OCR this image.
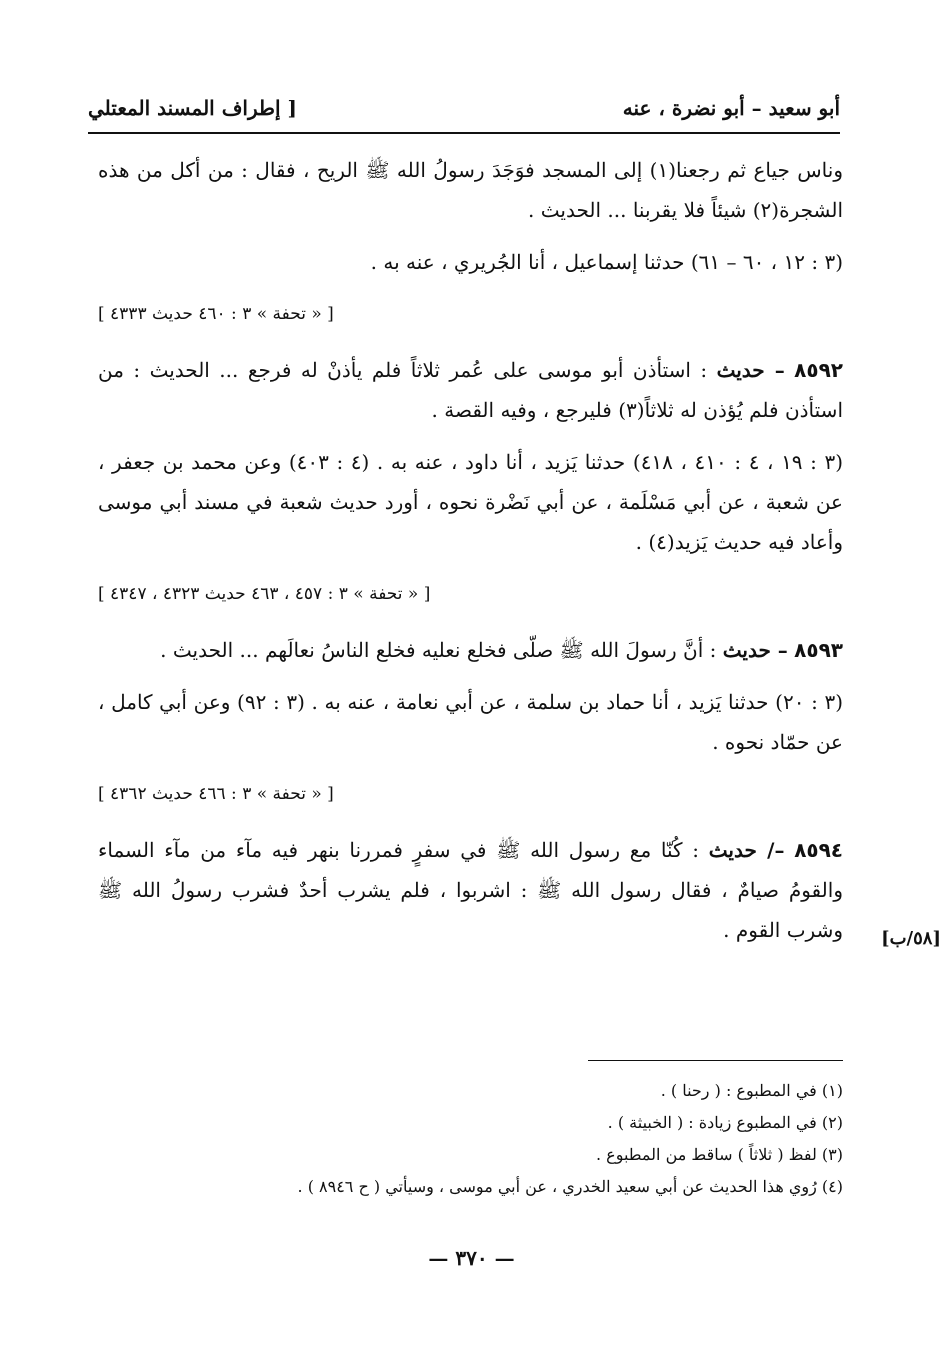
أبو سعيد – أبو نضرة ، عنه
[ إطراف المسند المعتلي

وناس جياع ثم رجعنا(١) إلى المسجد فوَجَدَ رسولُ الله ﷺ الريح ، فقال : من أكل من هذه الشجرة(٢) شيئاً فلا يقربنا ... الحديث .

(٣ : ١٢ ، ٦٠ – ٦١) حدثنا إسماعيل ، أنا الجُريري ، عنه به .

[ « تحفة » ٣ : ٤٦٠ حديث ٤٣٣٣ ]

٨٥٩٢ – حديث : استأذن أبو موسى على عُمر ثلاثاً فلم يأذنْ له فرجع ... الحديث : من استأذن فلم يُؤذن له ثلاثاً(٣) فليرجع ، وفيه القصة .

(٣ : ١٩ ، ٤ : ٤١٠ ، ٤١٨) حدثنا يَزيد ، أنا داود ، عنه به . (٤ : ٤٠٣) وعن محمد بن جعفر ، عن شعبة ، عن أبي مَسْلَمة ، عن أبي نَضْرة نحوه ، أورد حديث شعبة في مسند أبي موسى وأعاد فيه حديث يَزيد(٤) .

[ « تحفة » ٣ : ٤٥٧ ، ٤٦٣ حديث ٤٣٢٣ ، ٤٣٤٧ ]

٨٥٩٣ – حديث : أنَّ رسولَ الله ﷺ صلّى فخلع نعليه فخلع الناسُ نعالَهم ... الحديث .

(٣ : ٢٠) حدثنا يَزيد ، أنا حماد بن سلمة ، عن أبي نعامة ، عنه به . (٣ : ٩٢) وعن أبي كامل ، عن حمّاد نحوه .

[ « تحفة » ٣ : ٤٦٦ حديث ٤٣٦٢ ]

٨٥٩٤ –/ حديث : كُنّا مع رسول الله ﷺ في سفرٍ فمررنا بنهر فيه مآء من مآء السماء والقومُ صيامٌ ، فقال رسول الله ﷺ : اشربوا ، فلم يشرب أحدٌ فشرب رسولُ الله ﷺ وشرب القوم . [٥٨/ب]
(١) في المطبوع : ( رحنا ) .
(٢) في المطبوع زيادة : ( الخبيثة ) .
(٣) لفظ ( ثلاثاً ) ساقط من المطبوع .
(٤) رُوي هذا الحديث عن أبي سعيد الخدري ، عن أبي موسى ، وسيأتي ( ح ٨٩٤٦ ) .
— ٣٧٠ —
